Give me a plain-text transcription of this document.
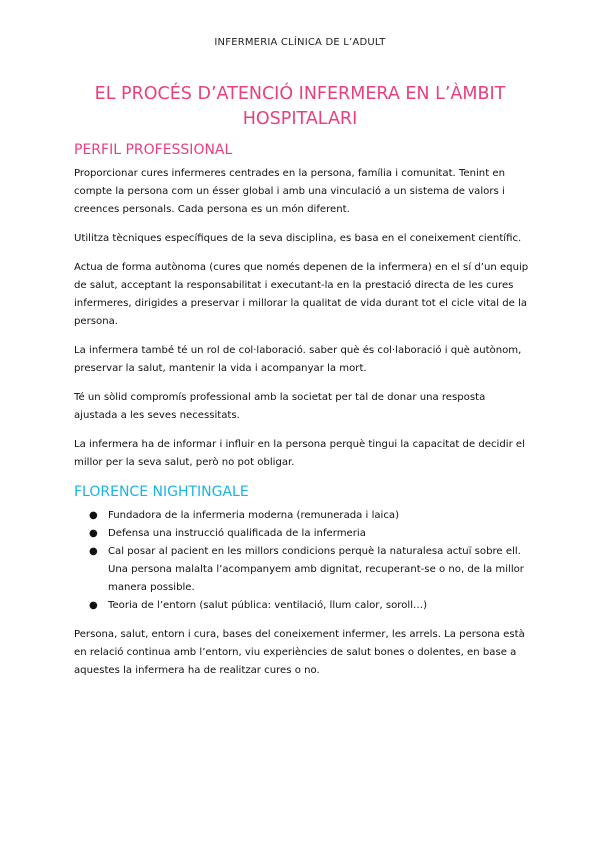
INFERMERIA CLÍNICA DE L’ADULT
EL PROCÉS D’ATENCIÓ INFERMERA EN L’ÀMBIT
HOSPITALARI
PERFIL PROFESSIONAL

Proporcionar cures infermeres centrades en la persona, família i comunitat. Tenint en compte la persona com un ésser global i amb una vinculació a un sistema de valors i creences personals. Cada persona es un món diferent.

Utilitza tècniques específiques de la seva disciplina, es basa en el coneixement científic.

Actua de forma autònoma (cures que només depenen de la infermera) en el sí d’un equip de salut, acceptant la responsabilitat i executant-la en la prestació directa de les cures infermeres, dirigides a preservar i millorar la qualitat de vida durant tot el cicle vital de la persona.

La infermera també té un rol de col·laboració. saber què és col·laboració i què autònom, preservar la salut, mantenir la vida i acompanyar la mort.

Té un sòlid compromís professional amb la societat per tal de donar una resposta ajustada a les seves necessitats.

La infermera ha de informar i influir en la persona perquè tingui la capacitat de decidir el millor per la seva salut, però no pot obligar.

FLORENCE NIGHTINGALE
● Fundadora de la infermeria moderna (remunerada i laica)
● Defensa una instrucció qualificada de la infermeria
● Cal posar al pacient en les millors condicions perquè la naturalesa actuï sobre ell. Una persona malalta l’acompanyem amb dignitat, recuperant-se o no, de la millor manera possible.
● Teoria de l’entorn (salut pública: ventilació, llum calor, soroll…)

Persona, salut, entorn i cura, bases del coneixement infermer, les arrels. La persona està en relació continua amb l’entorn, viu experiències de salut bones o dolentes, en base a aquestes la infermera ha de realitzar cures o no.
